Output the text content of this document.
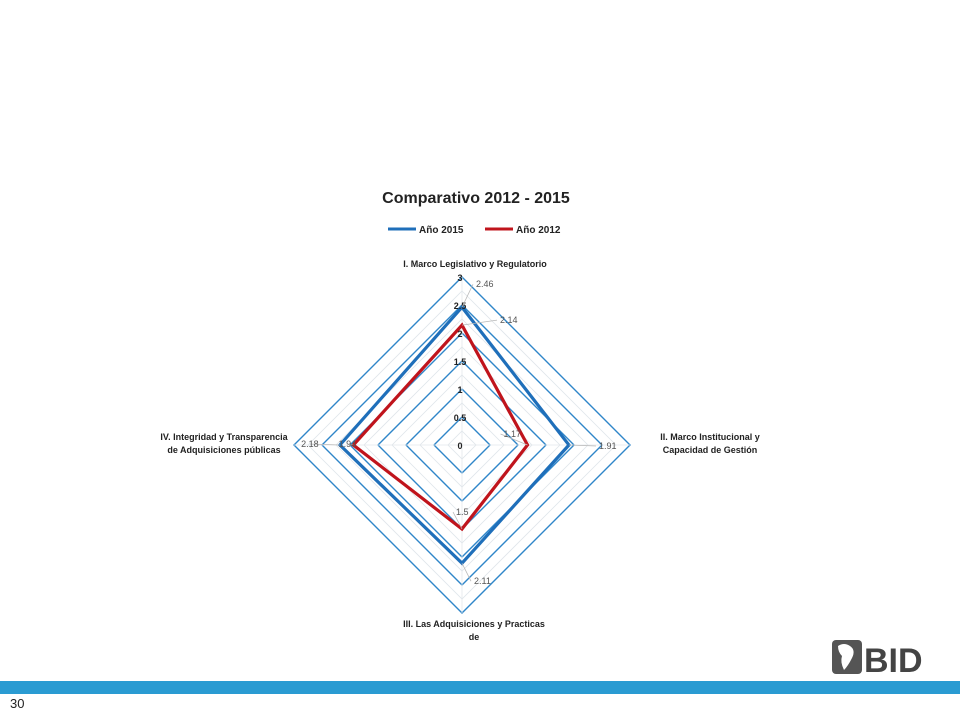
Comparativo 2012 - 2015
Año 2015	Año 2012
0
0.5
1
1.5
2
2.5
3
2.46
2.14
1.17
1.91
1.5
2.11
2.18 1.94
I. Marco Legislativo y Regulatorio
II. Marco Institucional y
Capacidad de Gestión
III. Las Adquisiciones y Practicas
de
IV. Integridad y Transparencia
de Adquisiciones públicas
30
BID
